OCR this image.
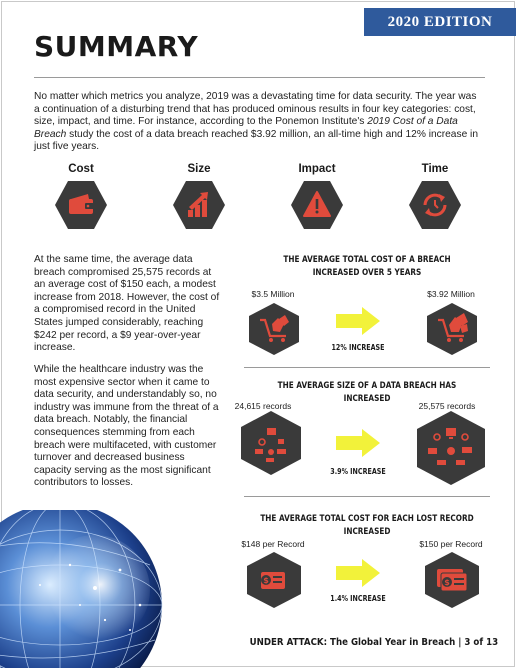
2020 EDITION
SUMMARY

No matter which metrics you analyze, 2019 was a devastating time for data security. The year was a continuation of a disturbing trend that has produced ominous results in four key categories: cost, size, impact, and time. For instance, according to the Ponemon Institute's 2019 Cost of a Data Breach study the cost of a data breach reached $3.92 million, an all-time high and 12% increase in just five years.

Cost	Size	Impact	Time

At the same time, the average data breach compromised 25,575 records at an average cost of $150 each, a modest increase from 2018. However, the cost of a compromised record in the United States jumped considerably, reaching $242 per record, a $9 year-over-year increase.

While the healthcare industry was the most expensive sector when it came to data security, and understandably so, no industry was immune from the threat of a data breach. Notably, the financial consequences stemming from each breach were multifaceted, with customer turnover and decreased business capacity serving as the most significant contributors to losses.

THE AVERAGE TOTAL COST OF A BREACH
INCREASED OVER 5 YEARS
$3.5 Million	$3.92 Million
12% INCREASE
THE AVERAGE SIZE OF A DATA BREACH HAS INCREASED
24,615 records	25,575 records
3.9% INCREASE
THE AVERAGE TOTAL COST FOR EACH LOST RECORD INCREASED
$148 per Record	$150 per Record
$	$
1.4% INCREASE
UNDER ATTACK: The Global Year in Breach | 3 of 13
